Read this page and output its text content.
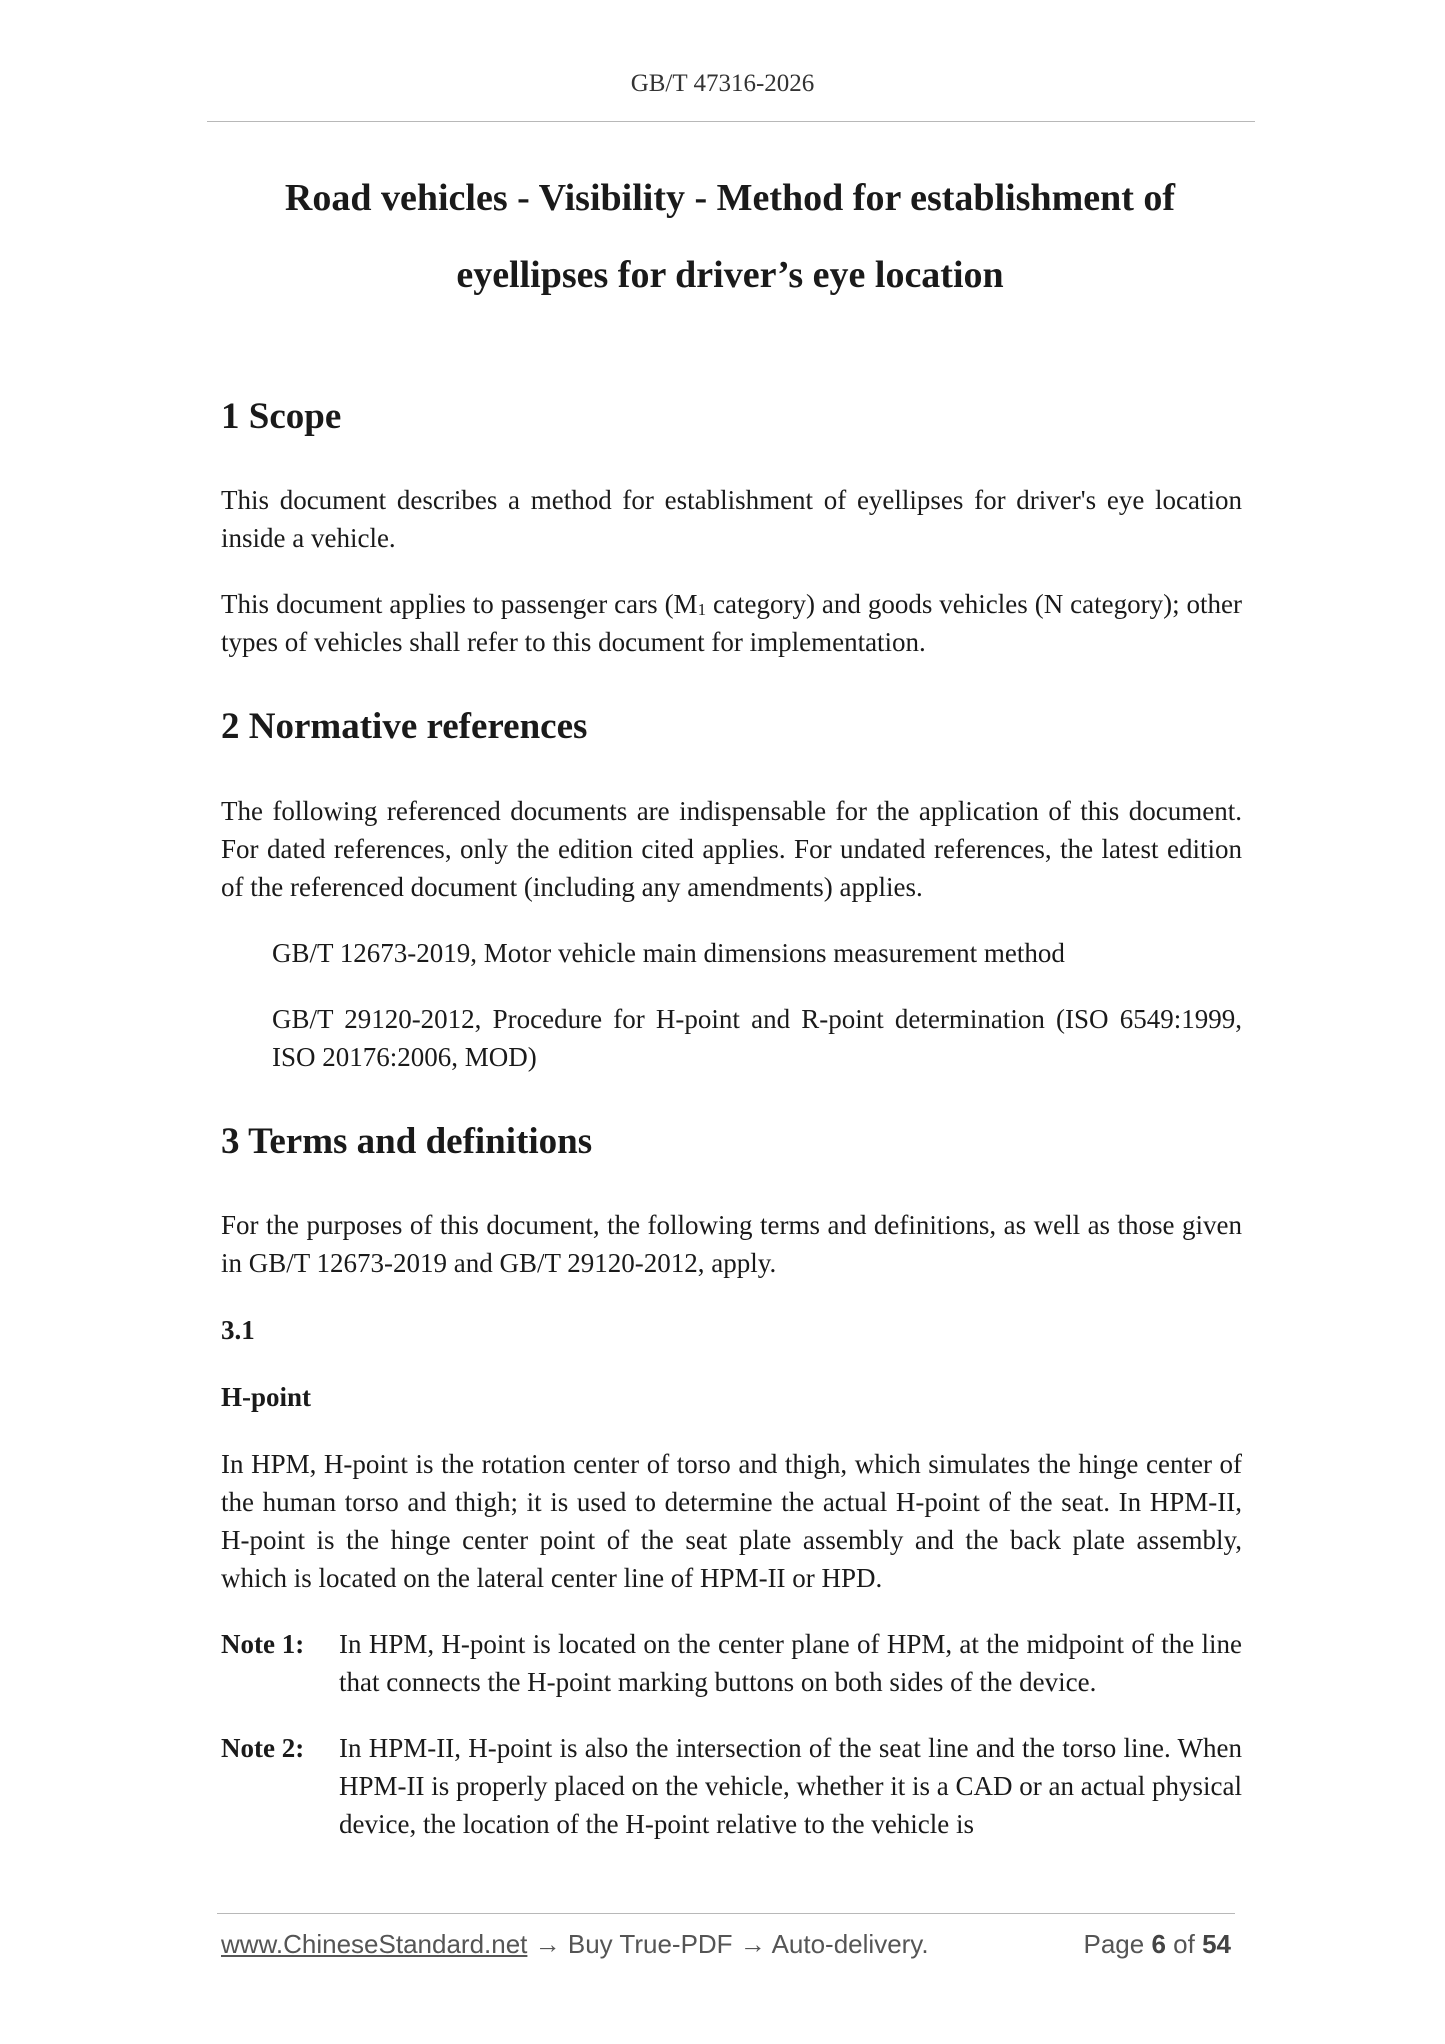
GB/T 47316-2026
Road vehicles - Visibility - Method for establishment of
eyellipses for driver’s eye location
1 Scope

This document describes a method for establishment of eyellipses for driver's eye location inside a vehicle.

This document applies to passenger cars ($M_1$ category) and goods vehicles (N category); other types of vehicles shall refer to this document for implementation.

2 Normative references

The following referenced documents are indispensable for the application of this document. For dated references, only the edition cited applies. For undated references, the latest edition of the referenced document (including any amendments) applies.

GB/T 12673-2019, Motor vehicle main dimensions measurement method

GB/T 29120-2012, Procedure for H-point and R-point determination (ISO 6549:1999, ISO 20176:2006, MOD)

3 Terms and definitions

For the purposes of this document, the following terms and definitions, as well as those given in GB/T 12673-2019 and GB/T 29120-2012, apply.

3.1

H-point

In HPM, H-point is the rotation center of torso and thigh, which simulates the hinge center of the human torso and thigh; it is used to determine the actual H-point of the seat. In HPM-II, H-point is the hinge center point of the seat plate assembly and the back plate assembly, which is located on the lateral center line of HPM-II or HPD.

Note 1:	In HPM, H-point is located on the center plane of HPM, at the midpoint of the line that connects the H-point marking buttons on both sides of the device.
Note 2:	In HPM-II, H-point is also the intersection of the seat line and the torso line. When HPM-II is properly placed on the vehicle, whether it is a CAD or an actual physical device, the location of the H-point relative to the vehicle is
www.ChineseStandard.net → Buy True-PDF → Auto-delivery.	Page 6 of 54
